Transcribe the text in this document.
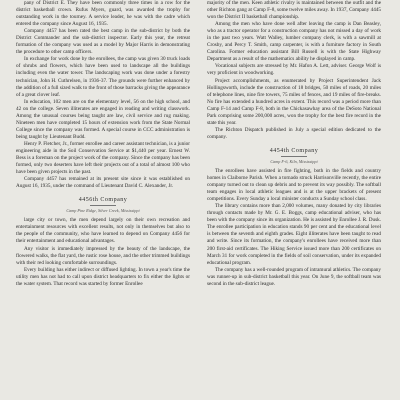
pany of District E. They have been commonly three times in a row for the district basketball crown. Rufus Myers, guard, was awarded the trophy for outstanding work in the tourney. A service leader, he was with the cadre which entered the company since August 16, 1935.

Company 4457 has been rated the best camp in the sub-district by both the District Commander and the sub-district inspector. Early this year, the retreat formation of the company was used as a model by Major Harris in demonstrating the procedure to other camp officers.

In exchange for work done by the enrollees, the camp was given 30 truck loads of shrubs and flowers, which have been used to landscape all the buildings including even the water tower. The landscaping work was done under a forestry technician, John H. Cuthrelsen, in 1936-37. The grounds were further enhanced by the addition of a full sized walk to the front of those barracks giving the appearance of a great clover leaf.

In education, 102 men are on the elementary level, 56 on the high school, and 42 on the college. Seven illiterates are engaged in reading and writing classwork. Among the unusual courses being taught are law, civil service and rug making. Nineteen men have completed 15 hours of extension work from the State Normal College since the company was formed. A special course in CCC administration is being taught by Lieutenant Budd.

Henry P. Fletcher, Jr., former enrollee and career assistant technician, is a junior engineering aide in the Soil Conservation Service at $1,440 per year. Ernest W. Bess is a foreman on the project work of the company. Since the company has been formed, only two deserters have left their projects out of a total of almost 100 who have been given projects in the past.

Company 4457 has remained at its present site since it was established on August 16, 1935, under the command of Lieutenant David C. Alexander, Jr.

4456th Company
Camp Pine Ridge, Silver Creek, Mississippi

large city or town, the men depend largely on their own recreation and entertainment resources with excellent results, not only in themselves but also to the people of the community, who have learned to depend on Company 4456 for their entertainment and educational advantages.

Any visitor is immediately impressed by the beauty of the landscape, the flowered walks, the flat yard, the rustic rose house, and the other trimmed buildings with their red looking comfortable surroundings.

Every building has either indirect or diffused lighting. In town a year's time the utility men has not had to call upon district headquarters to fix either the lights or the water system. That record was started by former Enrollee

majority of the men. Keen athletic rivalry is maintained between the outfit and the other Richton gang at Camp F-8, some twelve miles away. In 1937, Company 4445 won the District II basketball championship.

Among the men who have done well after leaving the camp is Dan Beasley, who as a tractor operator for a construction company has not missed a day of work in the past two years. Watt Walley, lumber company clerk, is with a sawmill at Crosby, and Percy T. Smith, camp carpenter, is with a furniture factory in South Carolina. Former education assistant Bill Russell is with the State Highway Department as a result of the mathematics ability he displayed in camp.

Vocational subjects are stressed by Mr. Hafon A. Lett, adviser. George Wolf is very proficient in woodworking.

Project accomplishments, as enumerated by Project Superintendent Jack Hollingsworth, include the construction of 18 bridges, 50 miles of roads, 20 miles of telephone lines, nine fire towers, 75 miles of fences, and 19 miles of fire-breaks. No fire has extended a hundred acres in extent. This record was a period more than Camp F-14 and Camp F-8, both in the Chickasawhay area of the DeSoto National Park comprising some 200,000 acres, won the trophy for the best fire record in the state this year.

The Richton Dispatch published in July a special edition dedicated to the company.

4454th Company
Camp F-6, Kiln, Mississippi

The enrollees have assisted in fire fighting, both in the fields and country homes in Claiborne Parish. When a tornado struck Harrisonville recently, the entire company turned out to clean up debris and to prevent its way possibly. The softball team engages in local athletic leagues and is at the upper brackets of present competitions. Every Sunday a local minister conducts a Sunday school class.

The library contains more than 2,000 volumes, many donated by city libraries through contacts made by Mr. G. E. Boggs, camp educational adviser, who has been with the company since its organization. He is assisted by Enrollee J. R. Dusk. The enrollee participation in education stands 90 per cent and the educational level is between the seventh and eighth grades. Eight illiterates have been taught to read and write. Since its formation, the company's enrollees have received more than 200 first-aid certificates. The Hiking Service issued more than 200 certificates on March 31 for work completed in the fields of soil conservation, under its expanded educational program.

The company has a well-rounded program of intramural athletics. The company was runner-up in sub-district basketball this year. On June 9, the softball team was second in the sub-district league.
